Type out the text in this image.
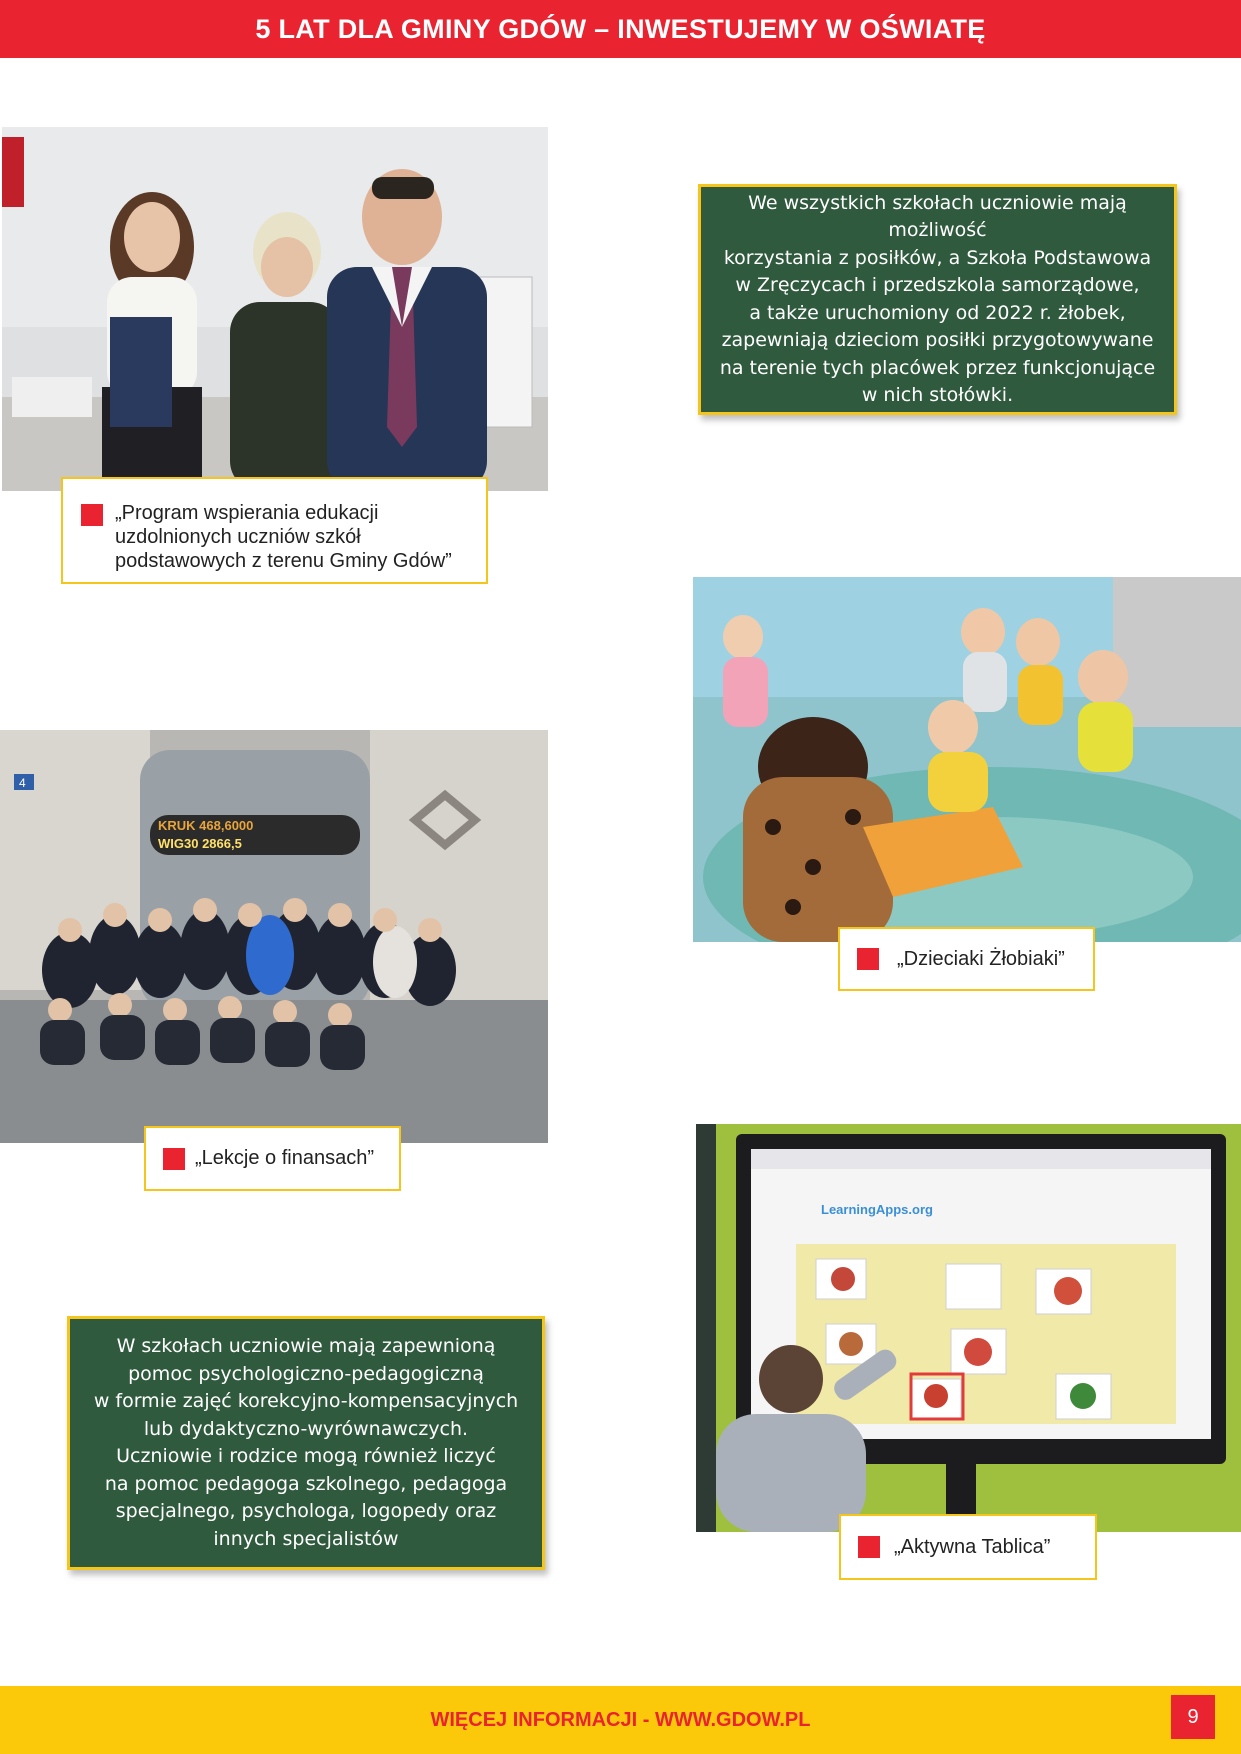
5 LAT DLA GMINY GDÓW – INWESTUJEMY W OŚWIATĘ
„Program wspierania edukacji uzdolnionych uczniów szkół podstawowych z terenu Gminy Gdów”
We wszystkich szkołach uczniowie mają możliwość
korzystania z posiłków, a Szkoła Podstawowa
w Zręczycach i przedszkola samorządowe,
a także uruchomiony od 2022 r. żłobek,
zapewniają dzieciom posiłki przygotowywane
na terenie tych placówek przez funkcjonujące
w nich stołówki.
„Dzieciaki Żłobiaki”
KRUK 468,6000
WIG30 2866,5
4
„Lekcje o finansach”
LearningApps.org
„Aktywna Tablica”
W szkołach uczniowie mają zapewnioną
pomoc psychologiczno-pedagogiczną
w formie zajęć korekcyjno-kompensacyjnych
lub dydaktyczno-wyrównawczych.
Uczniowie i rodzice mogą również liczyć
na pomoc pedagoga szkolnego, pedagoga
specjalnego, psychologa, logopedy oraz
innych specjalistów
WIĘCEJ INFORMACJI - WWW.GDOW.PL	9
